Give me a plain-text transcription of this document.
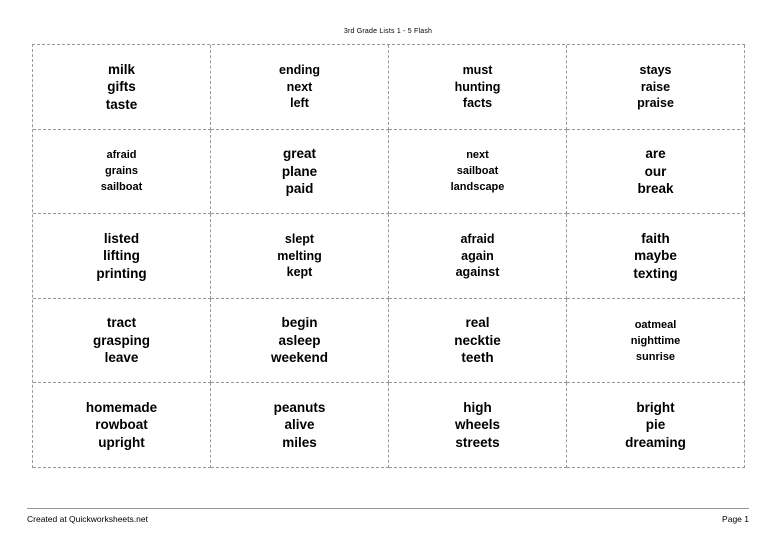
3rd Grade Lists 1 - 5 Flash
milk
gifts
taste
ending
next
left
must
hunting
facts
stays
raise
praise
afraid
grains
sailboat
great
plane
paid
next
sailboat
landscape
are
our
break
listed
lifting
printing
slept
melting
kept
afraid
again
against
faith
maybe
texting
tract
grasping
leave
begin
asleep
weekend
real
necktie
teeth
oatmeal
nighttime
sunrise
homemade
rowboat
upright
peanuts
alive
miles
high
wheels
streets
bright
pie
dreaming
Created at Quickworksheets.net	Page 1
